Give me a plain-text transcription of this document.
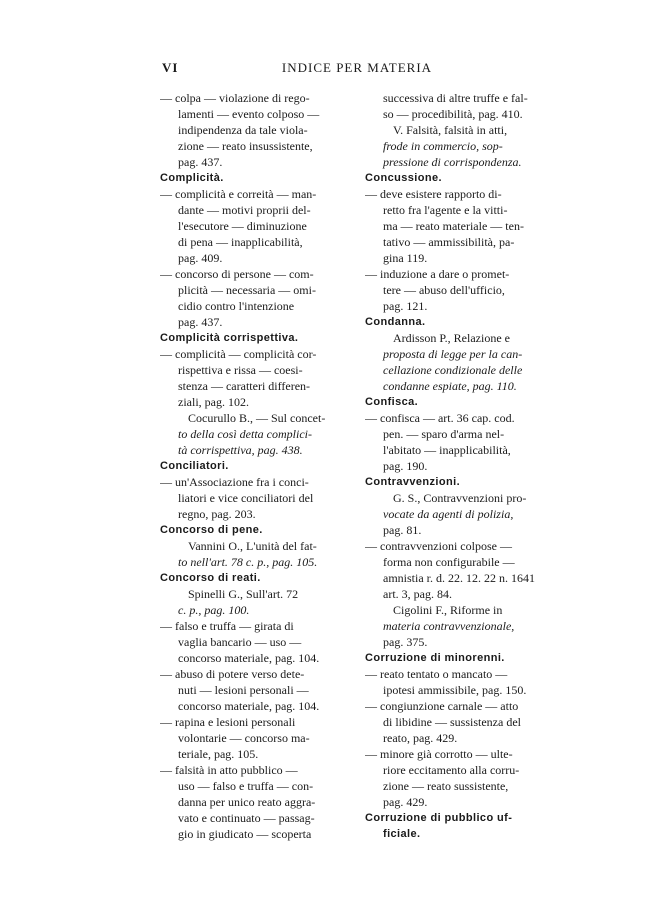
VI	INDICE PER MATERIA
— colpa — violazione di rego-
lamenti — evento colposo —
indipendenza da tale viola-
zione — reato insussistente,
pag. 437.
Complicità.
— complicità e correità — man-
dante — motivi proprii del-
l'esecutore — diminuzione
di pena — inapplicabilità,
pag. 409.
— concorso di persone — com-
plicità — necessaria — omi-
cidio contro l'intenzione
pag. 437.
Complicità corrispettiva.
— complicità — complicità cor-
rispettiva e rissa — coesi-
stenza — caratteri differen-
ziali, pag. 102.
Cocurullo B., — Sul concet-
to della così detta complici-
tà corrispettiva, pag. 438.
Conciliatori.
— un'Associazione fra i conci-
liatori e vice conciliatori del
regno, pag. 203.
Concorso di pene.
Vannini O., L'unità del fat-
to nell'art. 78 c. p., pag. 105.
Concorso di reati.
Spinelli G., Sull'art. 72
c. p., pag. 100.
— falso e truffa — girata di
vaglia bancario — uso —
concorso materiale, pag. 104.
— abuso di potere verso dete-
nuti — lesioni personali —
concorso materiale, pag. 104.
— rapina e lesioni personali
volontarie — concorso ma-
teriale, pag. 105.
— falsità in atto pubblico —
uso — falso e truffa — con-
danna per unico reato aggra-
vato e continuato — passag-
gio in giudicato — scoperta
successiva di altre truffe e fal-
so — procedibilità, pag. 410.
V. Falsità, falsità in atti,
frode in commercio, sop-
pressione di corrispondenza.
Concussione.
— deve esistere rapporto di-
retto fra l'agente e la vitti-
ma — reato materiale — ten-
tativo — ammissibilità, pa-
gina 119.
— induzione a dare o promet-
tere — abuso dell'ufficio,
pag. 121.
Condanna.
Ardisson P., Relazione e
proposta di legge per la can-
cellazione condizionale delle
condanne espiate, pag. 110.
Confisca.
— confisca — art. 36 cap. cod.
pen. — sparo d'arma nel-
l'abitato — inapplicabilità,
pag. 190.
Contravvenzioni.
G. S., Contravvenzioni pro-
vocate da agenti di polizia,
pag. 81.
— contravvenzioni colpose —
forma non configurabile —
amnistia r. d. 22. 12. 22 n. 1641
art. 3, pag. 84.
Cigolini F., Riforme in
materia contravvenzionale,
pag. 375.
Corruzione di minorenni.
— reato tentato o mancato —
ipotesi ammissibile, pag. 150.
— congiunzione carnale — atto
di libidine — sussistenza del
reato, pag. 429.
— minore già corrotto — ulte-
riore eccitamento alla corru-
zione — reato sussistente,
pag. 429.
Corruzione di pubblico uf-
ficiale.
